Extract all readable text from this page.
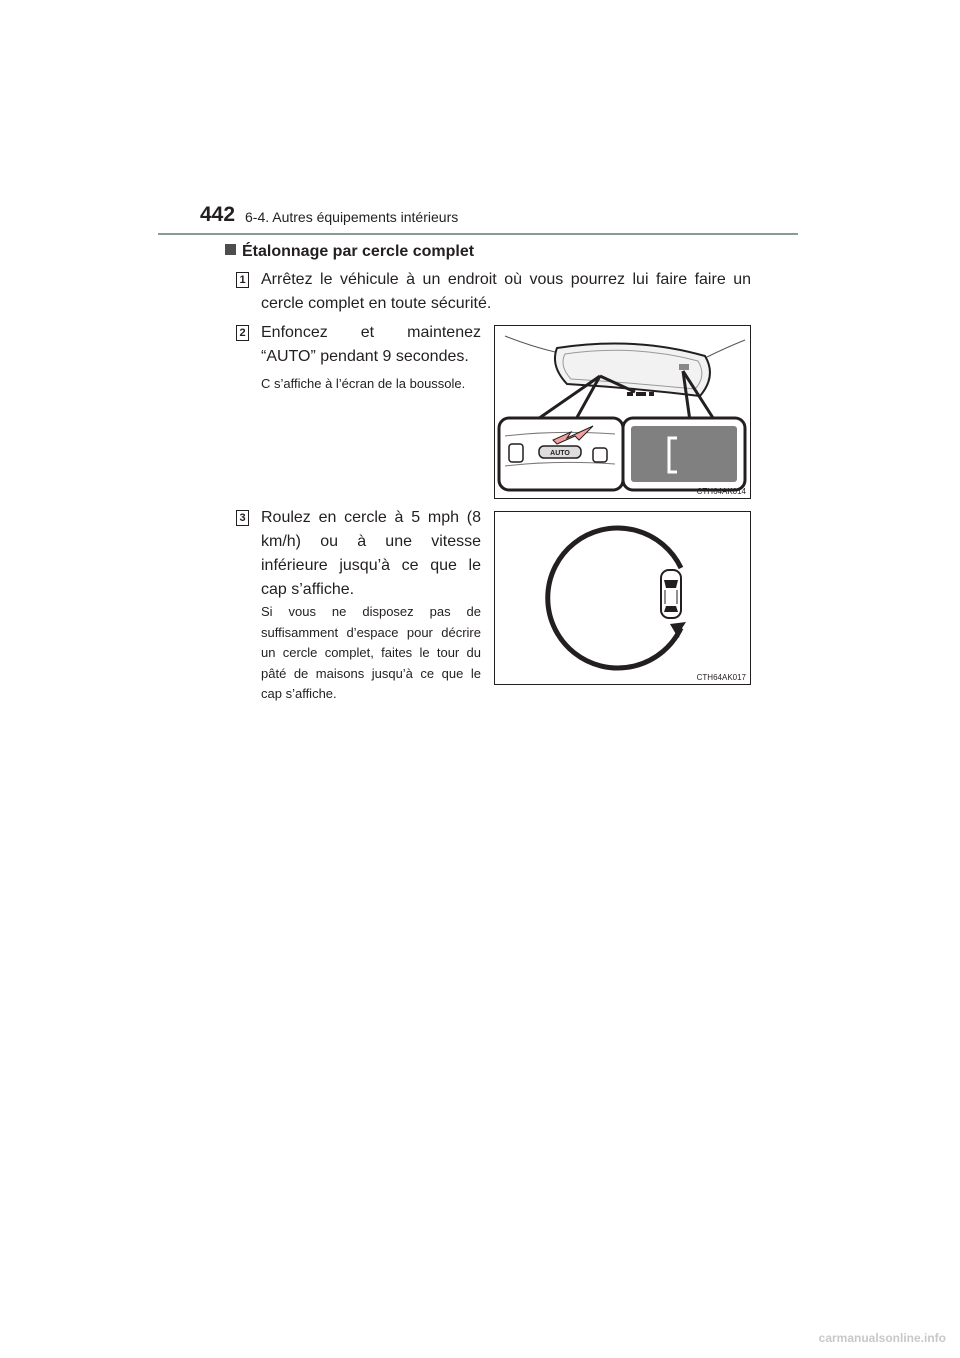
442 6-4. Autres équipements intérieurs
Étalonnage par cercle complet
1 Arrêtez le véhicule à un endroit où vous pourrez lui faire faire un cercle complet en toute sécurité.
2 Enfoncez et maintenez “AUTO” pendant 9 secondes.
C s’affiche à l’écran de la boussole.
AUTO
CTH64AK014
3 Roulez en cercle à 5 mph (8 km/h) ou à une vitesse inférieure jusqu’à ce que le cap s’affiche.
Si vous ne disposez pas de suffisamment d’espace pour décrire un cercle complet, faites le tour du pâté de maisons jusqu’à ce que le cap s’affiche.
CTH64AK017
carmanualsonline.info
